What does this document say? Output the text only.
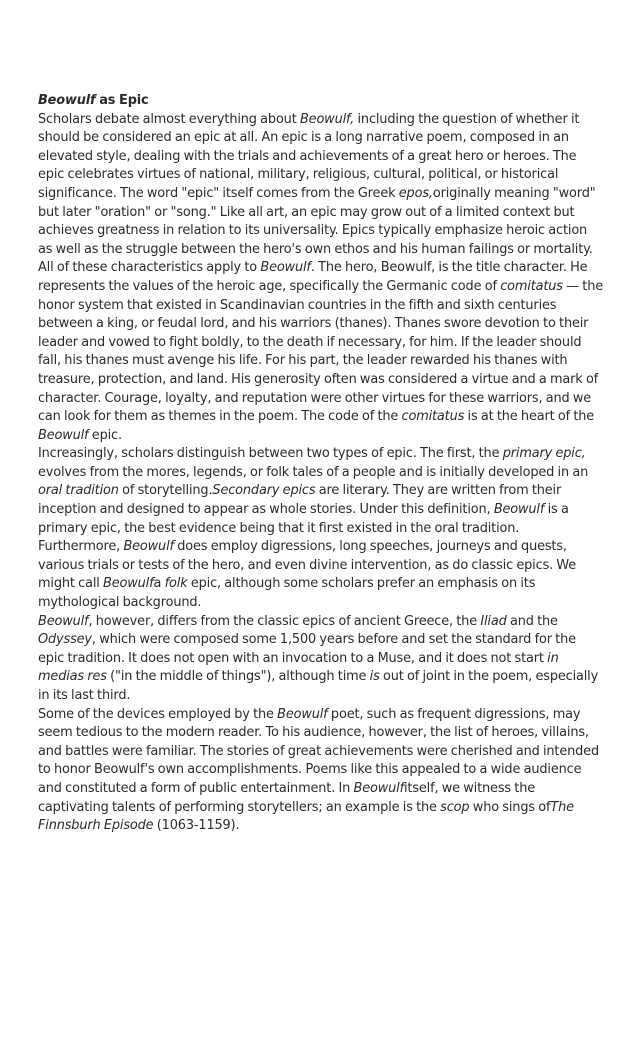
Beowulf as Epic

Scholars debate almost everything about Beowulf, including the question of whether it should be considered an epic at all. An epic is a long narrative poem, composed in an elevated style, dealing with the trials and achievements of a great hero or heroes. The epic celebrates virtues of national, military, religious, cultural, political, or historical significance. The word "epic" itself comes from the Greek epos,originally meaning "word" but later "oration" or "song." Like all art, an epic may grow out of a limited context but achieves greatness in relation to its universality. Epics typically emphasize heroic action as well as the struggle between the hero's own ethos and his human failings or mortality.

All of these characteristics apply to Beowulf. The hero, Beowulf, is the title character. He represents the values of the heroic age, specifically the Germanic code of comitatus — the honor system that existed in Scandinavian countries in the fifth and sixth centuries between a king, or feudal lord, and his warriors (thanes). Thanes swore devotion to their leader and vowed to fight boldly, to the death if necessary, for him. If the leader should fall, his thanes must avenge his life. For his part, the leader rewarded his thanes with treasure, protection, and land. His generosity often was considered a virtue and a mark of character. Courage, loyalty, and reputation were other virtues for these warriors, and we can look for them as themes in the poem. The code of the comitatus is at the heart of the Beowulf epic.

Increasingly, scholars distinguish between two types of epic. The first, the primary epic, evolves from the mores, legends, or folk tales of a people and is initially developed in an oral tradition of storytelling.Secondary epics are literary. They are written from their inception and designed to appear as whole stories. Under this definition, Beowulf is a primary epic, the best evidence being that it first existed in the oral tradition. Furthermore, Beowulf does employ digressions, long speeches, journeys and quests, various trials or tests of the hero, and even divine intervention, as do classic epics. We might call Beowulfa folk epic, although some scholars prefer an emphasis on its mythological background.

Beowulf, however, differs from the classic epics of ancient Greece, the Iliad and the Odyssey, which were composed some 1,500 years before and set the standard for the epic tradition. It does not open with an invocation to a Muse, and it does not start in medias res ("in the middle of things"), although time is out of joint in the poem, especially in its last third.

Some of the devices employed by the Beowulf poet, such as frequent digressions, may seem tedious to the modern reader. To his audience, however, the list of heroes, villains, and battles were familiar. The stories of great achievements were cherished and intended to honor Beowulf's own accomplishments. Poems like this appealed to a wide audience and constituted a form of public entertainment. In Beowulfitself, we witness the captivating talents of performing storytellers; an example is the scop who sings ofThe Finnsburh Episode (1063-1159).
